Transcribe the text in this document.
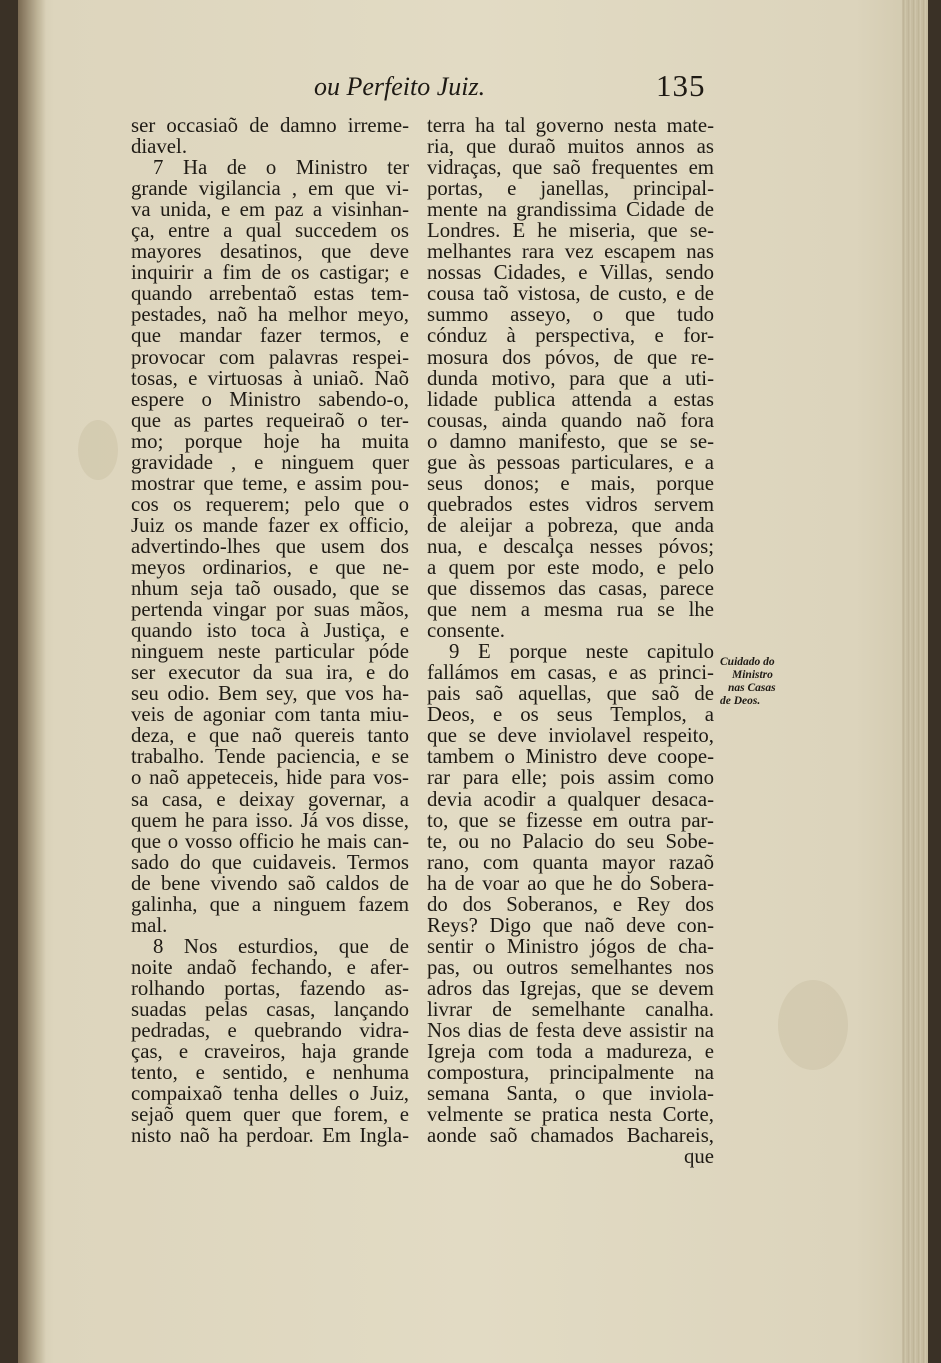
ou Perfeito Juiz.	135
ser occasiaõ de damno irreme-
diavel.
7 Ha de o Ministro ter
grande vigilancia , em que vi-
va unida, e em paz a visinhan-
ça, entre a qual succedem os
mayores desatinos, que deve
inquirir a fim de os castigar; e
quando arrebentaõ estas tem-
pestades, naõ ha melhor meyo,
que mandar fazer termos, e
provocar com palavras respei-
tosas, e virtuosas à uniaõ. Naõ
espere o Ministro sabendo-o,
que as partes requeiraõ o ter-
mo; porque hoje ha muita
gravidade , e ninguem quer
mostrar que teme, e assim pou-
cos os requerem; pelo que o
Juiz os mande fazer ex officio,
advertindo-lhes que usem dos
meyos ordinarios, e que ne-
nhum seja taõ ousado, que se
pertenda vingar por suas mãos,
quando isto toca à Justiça, e
ninguem neste particular póde
ser executor da sua ira, e do
seu odio. Bem sey, que vos ha-
veis de agoniar com tanta miu-
deza, e que naõ quereis tanto
trabalho. Tende paciencia, e se
o naõ appeteceis, hide para vos-
sa casa, e deixay governar, a
quem he para isso. Já vos disse,
que o vosso officio he mais can-
sado do que cuidaveis. Termos
de bene vivendo saõ caldos de
galinha, que a ninguem fazem
mal.
8 Nos esturdios, que de
noite andaõ fechando, e afer-
rolhando portas, fazendo as-
suadas pelas casas, lançando
pedradas, e quebrando vidra-
ças, e craveiros, haja grande
tento, e sentido, e nenhuma
compaixaõ tenha delles o Juiz,
sejaõ quem quer que forem, e
nisto naõ ha perdoar. Em Ingla-
terra ha tal governo nesta mate-
ria, que duraõ muitos annos as
vidraças, que saõ frequentes em
portas, e janellas, principal-
mente na grandissima Cidade de
Londres. E he miseria, que se-
melhantes rara vez escapem nas
nossas Cidades, e Villas, sendo
cousa taõ vistosa, de custo, e de
summo asseyo, o que tudo
cónduz à perspectiva, e for-
mosura dos póvos, de que re-
dunda motivo, para que a uti-
lidade publica attenda a estas
cousas, ainda quando naõ fora
o damno manifesto, que se se-
gue às pessoas particulares, e a
seus donos; e mais, porque
quebrados estes vidros servem
de aleijar a pobreza, que anda
nua, e descalça nesses póvos;
a quem por este modo, e pelo
que dissemos das casas, parece
que nem a mesma rua se lhe
consente.
9 E porque neste capitulo
fallámos em casas, e as princi-
pais saõ aquellas, que saõ de
Deos, e os seus Templos, a
que se deve inviolavel respeito,
tambem o Ministro deve coope-
rar para elle; pois assim como
devia acodir a qualquer desaca-
to, que se fizesse em outra par-
te, ou no Palacio do seu Sobe-
rano, com quanta mayor razaõ
ha de voar ao que he do Sobera-
do dos Soberanos, e Rey dos
Reys? Digo que naõ deve con-
sentir o Ministro jógos de cha-
pas, ou outros semelhantes nos
adros das Igrejas, que se devem
livrar de semelhante canalha.
Nos dias de festa deve assistir na
Igreja com toda a madureza, e
compostura, principalmente na
semana Santa, o que inviola-
velmente se pratica nesta Corte,
aonde saõ chamados Bachareis,
que
Cuidado do
Ministro
nas Casas
de Deos.
